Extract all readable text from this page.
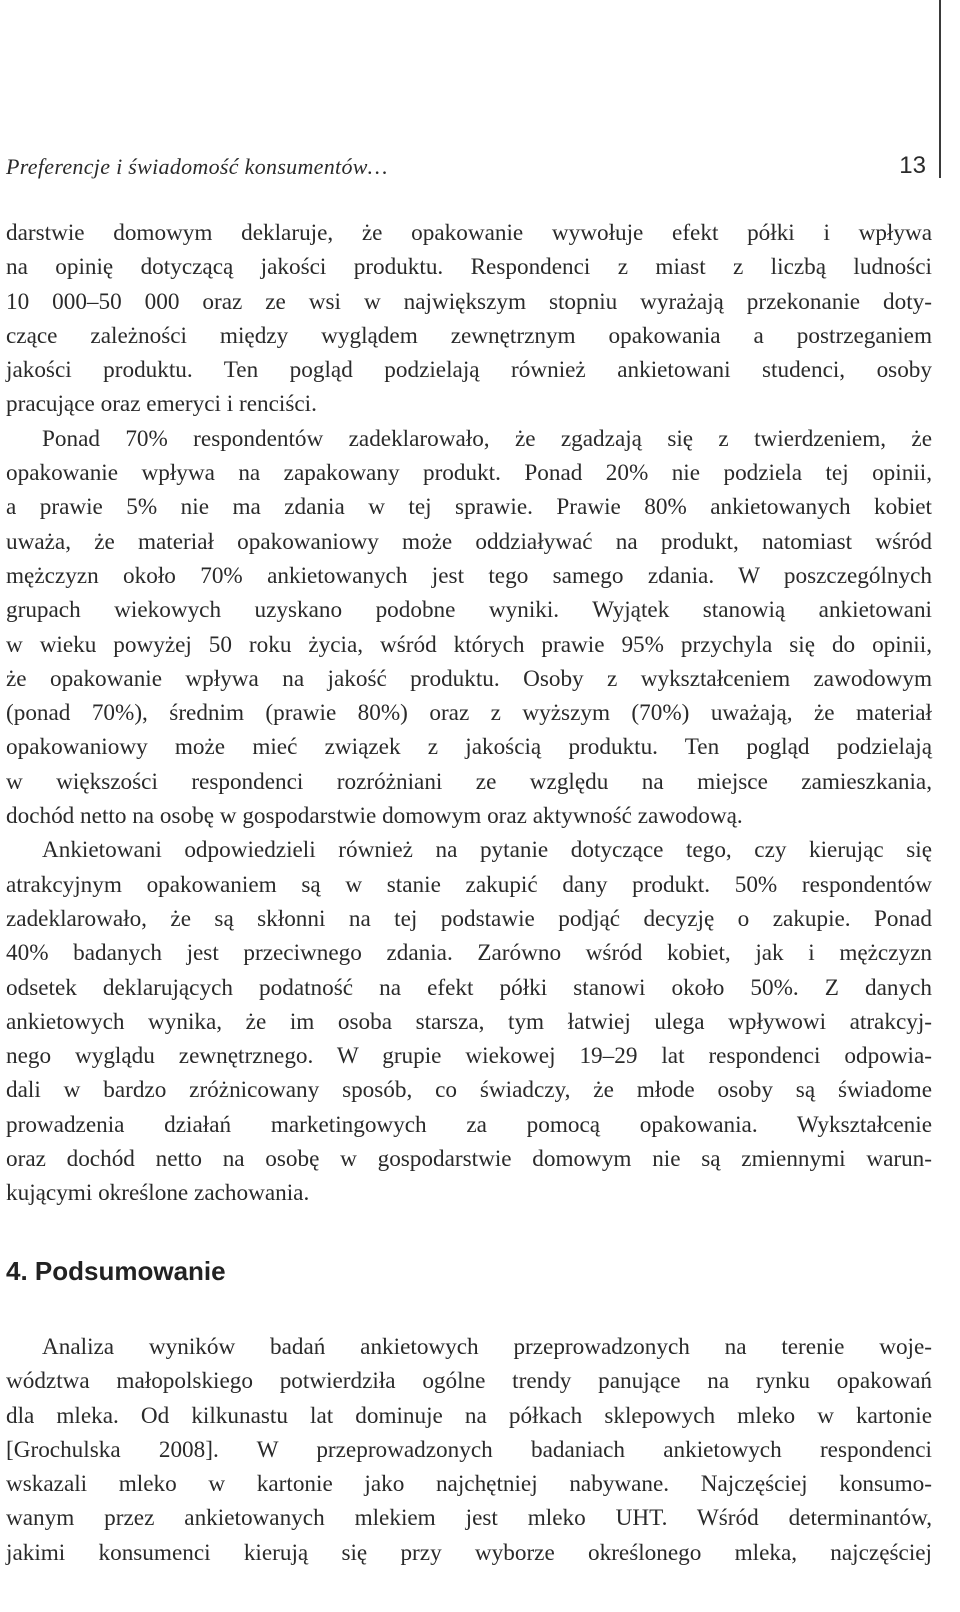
Preferencje i świadomość konsumentów…	13
darstwie domowym deklaruje, że opakowanie wywołuje efekt półki i wpływa
na opinię dotyczącą jakości produktu. Respondenci z miast z liczbą ludności
10 000–50 000 oraz ze wsi w największym stopniu wyrażają przekonanie doty-
czące zależności między wyglądem zewnętrznym opakowania a postrzeganiem
jakości produktu. Ten pogląd podzielają również ankietowani studenci, osoby
pracujące oraz emeryci i renciści.
Ponad 70% respondentów zadeklarowało, że zgadzają się z twierdzeniem, że
opakowanie wpływa na zapakowany produkt. Ponad 20% nie podziela tej opinii,
a prawie 5% nie ma zdania w tej sprawie. Prawie 80% ankietowanych kobiet
uważa, że materiał opakowaniowy może oddziaływać na produkt, natomiast wśród
mężczyzn około 70% ankietowanych jest tego samego zdania. W poszczególnych
grupach wiekowych uzyskano podobne wyniki. Wyjątek stanowią ankietowani
w wieku powyżej 50 roku życia, wśród których prawie 95% przychyla się do opinii,
że opakowanie wpływa na jakość produktu. Osoby z wykształceniem zawodowym
(ponad 70%), średnim (prawie 80%) oraz z wyższym (70%) uważają, że materiał
opakowaniowy może mieć związek z jakością produktu. Ten pogląd podzielają
w większości respondenci rozróżniani ze względu na miejsce zamieszkania,
dochód netto na osobę w gospodarstwie domowym oraz aktywność zawodową.
Ankietowani odpowiedzieli również na pytanie dotyczące tego, czy kierując się
atrakcyjnym opakowaniem są w stanie zakupić dany produkt. 50% respondentów
zadeklarowało, że są skłonni na tej podstawie podjąć decyzję o zakupie. Ponad
40% badanych jest przeciwnego zdania. Zarówno wśród kobiet, jak i mężczyzn
odsetek deklarujących podatność na efekt półki stanowi około 50%. Z danych
ankietowych wynika, że im osoba starsza, tym łatwiej ulega wpływowi atrakcyj-
nego wyglądu zewnętrznego. W grupie wiekowej 19–29 lat respondenci odpowia-
dali w bardzo zróżnicowany sposób, co świadczy, że młode osoby są świadome
prowadzenia działań marketingowych za pomocą opakowania. Wykształcenie
oraz dochód netto na osobę w gospodarstwie domowym nie są zmiennymi warun-
kującymi określone zachowania.
4. Podsumowanie
Analiza wyników badań ankietowych przeprowadzonych na terenie woje-
wództwa małopolskiego potwierdziła ogólne trendy panujące na rynku opakowań
dla mleka. Od kilkunastu lat dominuje na półkach sklepowych mleko w kartonie
[Grochulska 2008]. W przeprowadzonych badaniach ankietowych respondenci
wskazali mleko w kartonie jako najchętniej nabywane. Najczęściej konsumo-
wanym przez ankietowanych mlekiem jest mleko UHT. Wśród determinantów,
jakimi konsumenci kierują się przy wyborze określonego mleka, najczęściej
